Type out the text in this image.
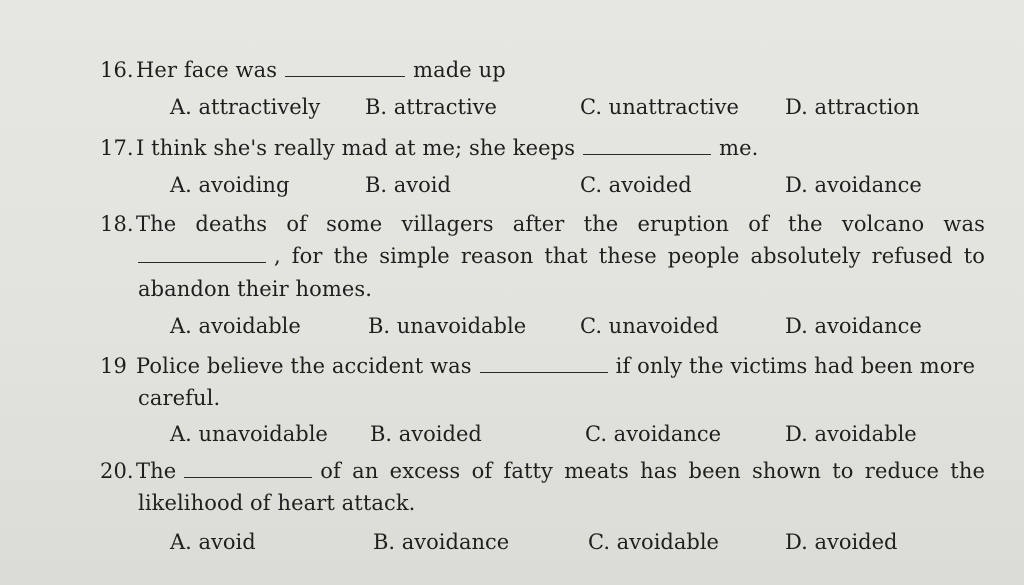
16. Her face was	made up
A. attractively B. attractive	C. unattractive D. attraction
17. I think she's really mad at me; she keeps	me.
A. avoiding	B. avoid	C. avoided	D. avoidance
18. The deaths of some villagers after the eruption of the volcano was
, for the simple reason that these people absolutely refused to
abandon their homes.
A. avoidable	B. unavoidable	C. unavoided	D. avoidance
19 Police believe the accident was	if only the victims had been more
careful.
A. unavoidable B. avoided	C. avoidance	D. avoidable
20. The	of an excess of fatty meats has been shown to reduce the
likelihood of heart attack.
A. avoid	B. avoidance	C. avoidable	D. avoided
